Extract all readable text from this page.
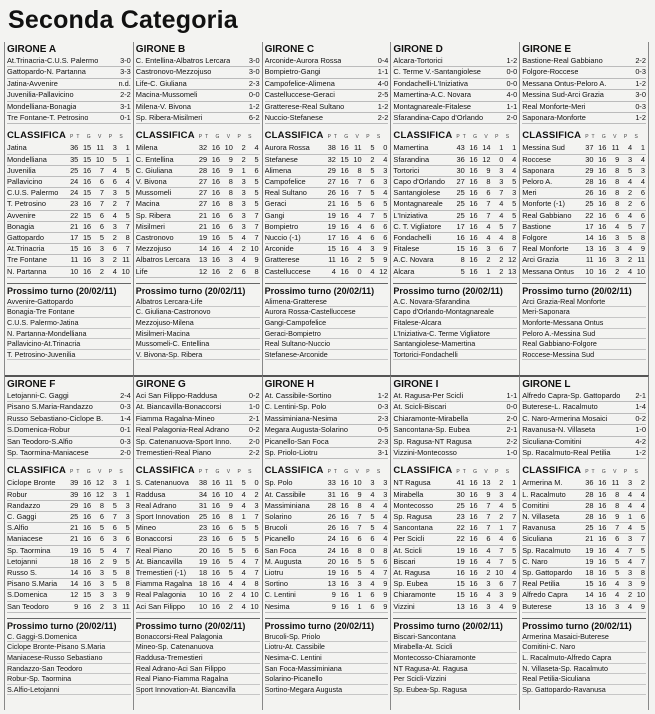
Seconda Categoria
GIRONE A
At.Trinacria-C.U.S. Palermo	3-0
Gattopardo-N. Partanna	3-3
Jatina-Avvenire	n.d.
Juvenilia-Pallavicino	2-2
Mondelliana-Bonagia	3-1
Tre Fontane-T. Petrosino	0-1
CLASSIFICA PT G V P S
Jatina	36	15	11	3	1
Mondelliana	35	15	10	5	1
Juvenilia	25	16	7	4	5
Pallavicino	24	16	6	6	4
C.U.S. Palermo	24	15	7	3	5
T. Petrosino	23	16	7	2	7
Avvenire	22	15	6	4	5
Bonagia	21	16	6	3	7
Gattopardo	17	15	5	2	8
At.Trinacria	15	16	3	6	7
Tre Fontane	11	16	3	2	11
N. Partanna	10	16	2	4	10
Prossimo turno (20/02/11)
Avvenire-Gattopardo
Bonagia-Tre Fontane
C.U.S. Palermo-Jatina
N. Partanna-Mondelliana
Pallavicino-At.Trinacria
T. Petrosino-Juvenilia
GIRONE B
C. Entellina-Albatros Lercara	3-0
Castronovo-Mezzojuso	3-0
Life-C. Giuliana	2-3
Macina-Mussomeli	0-0
Milena-V. Bivona	1-2
Sp. Ribera-Misilmeri	6-2
CLASSIFICA PT G V P S
Milena	32	16	10	2	4
C. Entellina	29	16	9	2	5
C. Giuliana	28	16	9	1	6
V. Bivona	27	16	8	3	5
Mussomeli	27	16	8	3	5
Macina	27	16	8	3	5
Sp. Ribera	21	16	6	3	7
Misilmeri	21	16	6	3	7
Castronovo	19	16	5	4	7
Mezzojuso	14	16	4	2	10
Albatros Lercara	13	16	3	4	9
Life	12	16	2	6	8
Prossimo turno (20/02/11)
Albatros Lercara-Life
C. Giuliana-Castronovo
Mezzojuso-Milena
Misilmeri-Macina
Mussomeli-C. Entellina
V. Bivona-Sp. Ribera
GIRONE C
Arconide-Aurora Rossa	0-4
Bompietro-Gangi	1-1
Campofelice-Alimena	4-0
Castelluccese-Geraci	2-5
Gratterese-Real Sultano	1-2
Nuccio-Stefanese	2-2
CLASSIFICA PT G V P S
Aurora Rossa	38	16	11	5	0
Stefanese	32	15	10	2	4
Alimena	29	16	8	5	3
Campofelice	27	16	7	6	3
Real Sultano	26	16	7	5	4
Geraci	21	16	5	6	5
Gangi	19	16	4	7	5
Bompietro	19	16	4	6	6
Nuccio (-1)	17	16	4	6	6
Arconide	15	16	4	3	9
Gratterese	11	16	2	5	9
Castelluccese	4	16	0	4	12
Prossimo turno (20/02/11)
Alimena-Gratterese
Aurora Rossa-Castelluccese
Gangi-Campofelice
Geraci-Bompietro
Real Sultano-Nuccio
Stefanese-Arconide
GIRONE D
Alcara-Tortorici	1-2
C. Terme V.-Santangiolese	0-0
Fondachelli-L'Iniziativa	0-0
Mamertina-A.C. Novara	4-0
Montagnareale-Fitalese	1-1
Sfarandina-Capo d'Orlando	2-0
CLASSIFICA PT G V P S
Mamertina	43	16	14	1	1
Sfarandina	36	16	12	0	4
Tortorici	30	16	9	3	4
Capo d'Orlando	27	16	8	3	5
Santangiolese	25	16	6	7	3
Montagnareale	25	16	7	4	5
L'Iniziativa	25	16	7	4	5
C. T. Vigliatore	17	16	4	5	7
Fondachelli	16	16	4	4	8
Fitalese	15	16	3	6	7
A.C. Novara	8	16	2	2	12
Alcara	5	16	1	2	13
Prossimo turno (20/02/11)
A.C. Novara-Sfarandina
Capo d'Orlando-Montagnareale
Fitalese-Alcara
L'Iniziativa-C. Terme Vigliatore
Santangiolese-Mamertina
Tortorici-Fondachelli
GIRONE E
Bastione-Real Gabbiano	2-2
Folgore-Roccese	0-3
Messana Ontus-Peloro A.	1-2
Messina Sud-Arci Grazia	3-0
Real Monforte-Meri	0-3
Saponara-Monforte	1-2
CLASSIFICA PT G V P S
Messina Sud	37	16	11	4	1
Roccese	30	16	9	3	4
Saponara	29	16	8	5	3
Peloro A.	28	16	8	4	4
Meri	26	16	8	2	6
Monforte (-1)	25	16	8	2	6
Real Gabbiano	22	16	6	4	6
Bastione	17	16	4	5	7
Folgore	14	16	3	5	8
Real Monforte	13	16	3	4	9
Arci Grazia	11	16	3	2	11
Messana Ontus	10	16	2	4	10
Prossimo turno (20/02/11)
Arci Grazia-Real Monforte
Meri-Saponara
Monforte-Messana Ontus
Peloro A.-Messina Sud
Real Gabbiano-Folgore
Roccese-Messina Sud
GIRONE F
Letojanni-C. Gaggi	2-4
Pisano S.Maria-Randazzo	0-3
Russo Sebastiano-Ciclope B. 1-4
S.Domenica-Robur	0-1
San Teodoro-S.Alfio	0-3
Sp. Taormina-Maniacese	2-0
CLASSIFICA PT G V P S
Ciclope Bronte	39	16	12	3	1
Robur	39	16	12	3	1
Randazzo	29	16	8	5	3
C. Gaggi	25	16	6	7	3
S.Alfio	21	16	5	6	5
Maniacese	21	16	6	3	6
Sp. Taormina	19	16	5	4	7
Letojanni	18	16	2	9	5
Russo S.	14	16	3	5	8
Pisano S.Maria	14	16	3	5	8
S.Domenica	12	15	3	3	9
San Teodoro	9	16	2	3	11
Prossimo turno (20/02/11)
C. Gaggi-S.Domenica
Ciclope Bronte-Pisano S.Maria
Maniacese-Russo Sebastiano
Randazzo-San Teodoro
Robur-Sp. Taormina
S.Alfio-Letojanni
GIRONE G
Aci San Filippo-Raddusa	0-2
At. Biancavilla-Bonaccorsi	1-0
Fiamma Ragalna-Mineo	2-1
Real Palagonia-Real Adrano	0-2
Sp. Catenanuova-Sport Inno. 2-0
Tremestieri-Real Piano	2-2
CLASSIFICA PT G V P S
S. Catenanuova	38	16	11	5	0
Raddusa	34	16	10	4	2
Real Adrano	31	16	9	4	3
Sport Innovation	25	16	8	1	7
Mineo	23	16	6	5	5
Bonaccorsi	23	16	6	5	5
Real Piano	20	16	5	5	6
At. Biancavilla	19	16	5	4	7
Tremestieri (-1)	18	16	5	4	7
Fiamma Ragalna	18	16	4	4	8
Real Palagonia	10	16	2	4	10
Aci San Filippo	10	16	2	4	10
Prossimo turno (20/02/11)
Bonaccorsi-Real Palagonia
Mineo-Sp. Catenanuova
Raddusa-Tremestieri
Real Adrano-Aci San Filippo
Real Piano-Fiamma Ragalna
Sport Innovation-At. Biancavilla
GIRONE H
At. Cassibile-Sortino	1-2
C. Lentini-Sp. Polo	0-3
Massiminiana-Nesima	2-3
Megara Augusta-Solarino	0-5
Picanello-San Foca	2-3
Sp. Priolo-Liotru	3-1
CLASSIFICA PT G V P S
Sp. Polo	33	16	10	3	3
At. Cassibile	31	16	9	4	3
Massiminiana	28	16	8	4	4
Solarino	26	16	7	5	4
Brucoli	26	16	7	5	4
Picanello	24	16	6	6	4
San Foca	24	16	8	0	8
M. Augusta	20	16	5	5	6
Liotru	19	16	5	4	7
Sortino	13	16	3	4	9
C. Lentini	9	16	1	6	9
Nesima	9	16	1	6	9
Prossimo turno (20/02/11)
Brucoli-Sp. Priolo
Liotru-At. Cassibile
Nesima-C. Lentini
San Foca-Massiminiana
Solarino-Picanello
Sortino-Megara Augusta
GIRONE I
At. Ragusa-Per Scicli	1-1
At. Scicli-Biscari	0-0
Chiaramonte-Mirabella	2-0
Sancontana-Sp. Eubea	2-1
Sp. Ragusa-NT Ragusa	2-2
Vizzini-Montecosso	1-0
CLASSIFICA PT G V P S
NT Ragusa	41	16	13	2	1
Mirabella	30	16	9	3	4
Montecosso	25	16	7	4	5
Sp. Ragusa	23	16	7	2	7
Sancontana	22	16	7	1	7
Per Scicli	22	16	6	4	6
At. Scicli	19	16	4	7	5
Biscari	19	16	4	7	5
At. Ragusa	16	16	2	10	4
Sp. Eubea	15	16	3	6	7
Chiaramonte	15	16	4	3	9
Vizzini	13	16	3	4	9
Prossimo turno (20/02/11)
Biscari-Sancontana
Mirabella-At. Scicli
Montecosso-Chiaramonte
NT Ragusa-At. Ragusa
Per Scicli-Vizzini
Sp. Eubea-Sp. Ragusa
GIRONE L
Alfredo Capra-Sp. Gattopardo 2-1
Buterese-L. Racalmuto	1-4
C. Naro-Armerina Mosaici	0-2
Ravanusa-N. Villaseta	1-0
Siculiana-Comitini	4-2
Sp. Racalmuto-Real Petilia	1-2
CLASSIFICA PT G V P S
Armerina M.	36	16	11	3	2
L. Racalmuto	28	16	8	4	4
Comitini	28	16	8	4	4
N. Villaseta	28	16	9	1	6
Ravanusa	25	16	7	4	5
Siculiana	21	16	6	3	7
Sp. Racalmuto	19	16	4	7	5
C. Naro	19	16	5	4	7
Sp. Gattopardo	18	16	5	3	8
Real Petilia	15	16	4	3	9
Alfredo Capra	14	16	4	2	10
Buterese	13	16	3	4	9
Prossimo turno (20/02/11)
Armerina Masaici-Buterese
Comitini-C. Naro
L. Racalmuto-Alfredo Capra
N. Villaseta-Sp. Racalmuto
Real Petilia-Siculiana
Sp. Gattopardo-Ravanusa
